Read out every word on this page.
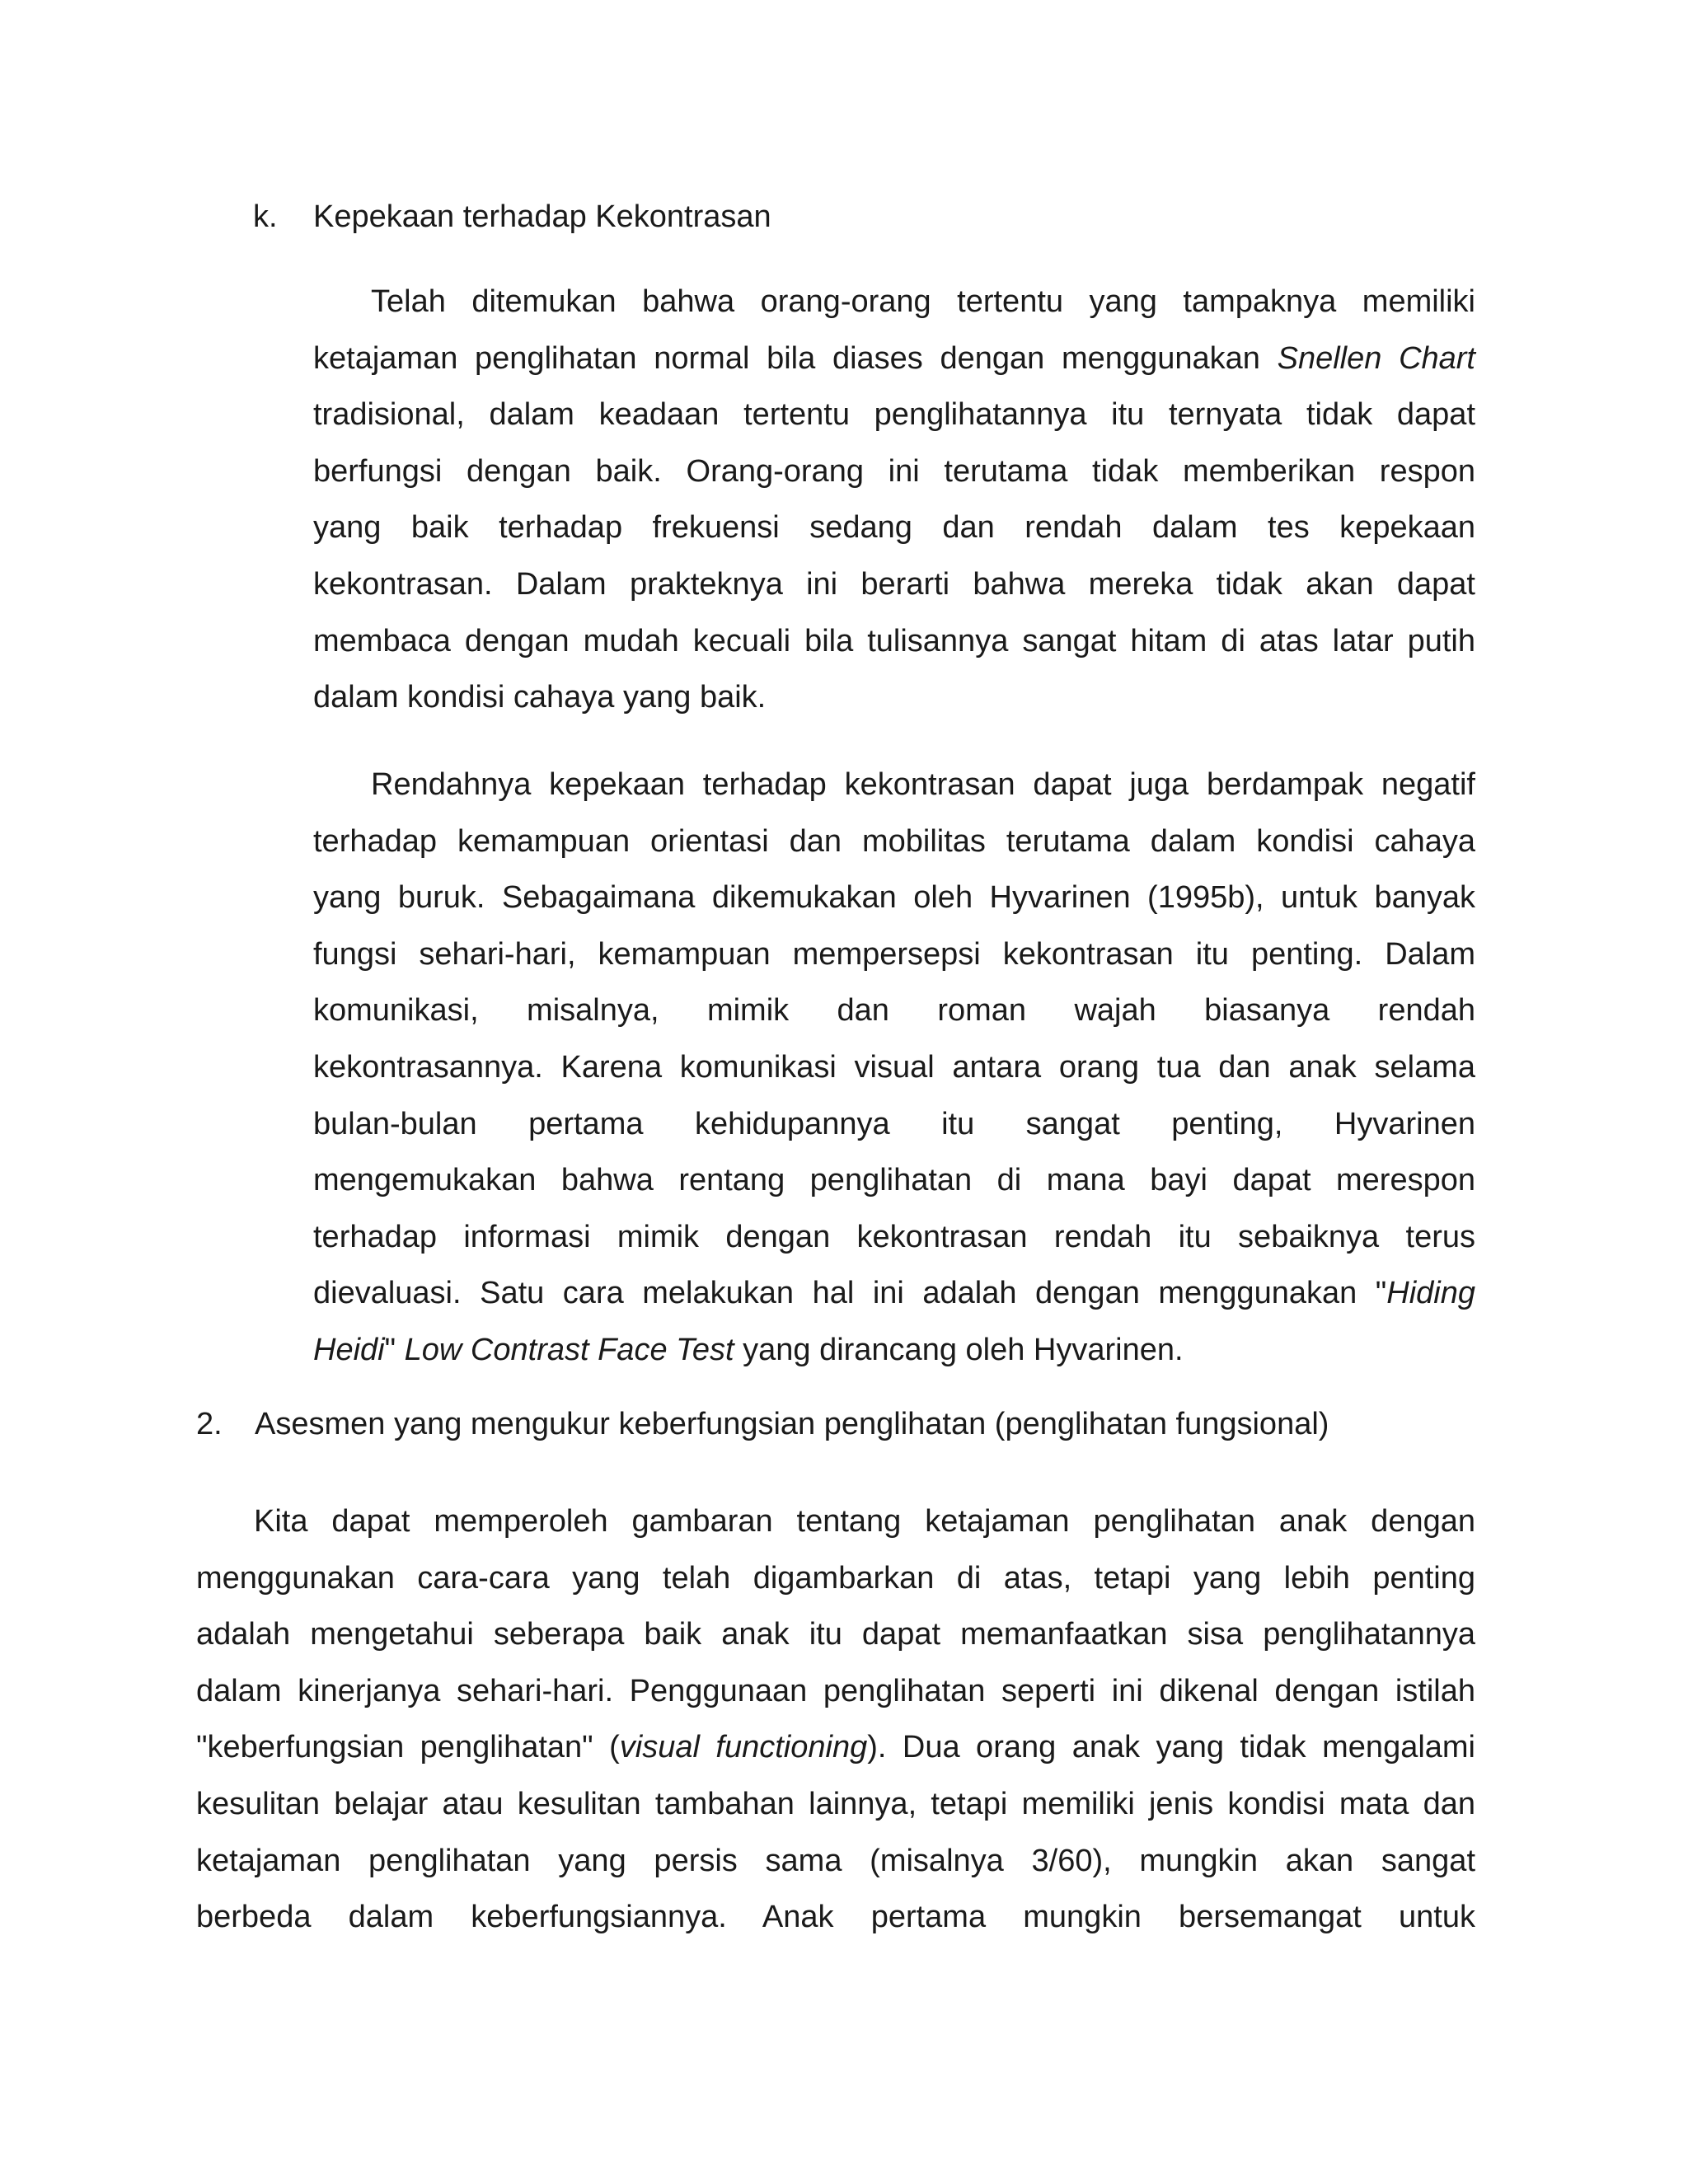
k. Kepekaan terhadap Kekontrasan
Telah ditemukan bahwa orang-orang tertentu yang tampaknya memiliki
ketajaman penglihatan normal bila diases dengan menggunakan Snellen Chart
tradisional, dalam keadaan tertentu penglihatannya itu ternyata tidak dapat
berfungsi dengan baik. Orang-orang ini terutama tidak memberikan respon
yang baik terhadap frekuensi sedang dan rendah dalam tes kepekaan
kekontrasan. Dalam prakteknya ini berarti bahwa mereka tidak akan dapat
membaca dengan mudah kecuali bila tulisannya sangat hitam di atas latar putih
dalam kondisi cahaya yang baik.
Rendahnya kepekaan terhadap kekontrasan dapat juga berdampak negatif
terhadap kemampuan orientasi dan mobilitas terutama dalam kondisi cahaya
yang buruk. Sebagaimana dikemukakan oleh Hyvarinen (1995b), untuk banyak
fungsi sehari-hari, kemampuan mempersepsi kekontrasan itu penting. Dalam
komunikasi, misalnya, mimik dan roman wajah biasanya rendah
kekontrasannya. Karena komunikasi visual antara orang tua dan anak selama
bulan-bulan pertama kehidupannya itu sangat penting, Hyvarinen
mengemukakan bahwa rentang penglihatan di mana bayi dapat merespon
terhadap informasi mimik dengan kekontrasan rendah itu sebaiknya terus
dievaluasi. Satu cara melakukan hal ini adalah dengan menggunakan "Hiding
Heidi" Low Contrast Face Test yang dirancang oleh Hyvarinen.
2. Asesmen yang mengukur keberfungsian penglihatan (penglihatan fungsional)
Kita dapat memperoleh gambaran tentang ketajaman penglihatan anak dengan
menggunakan cara-cara yang telah digambarkan di atas, tetapi yang lebih penting
adalah mengetahui seberapa baik anak itu dapat memanfaatkan sisa penglihatannya
dalam kinerjanya sehari-hari. Penggunaan penglihatan seperti ini dikenal dengan istilah
"keberfungsian penglihatan" (visual functioning). Dua orang anak yang tidak mengalami
kesulitan belajar atau kesulitan tambahan lainnya, tetapi memiliki jenis kondisi mata dan
ketajaman penglihatan yang persis sama (misalnya 3/60), mungkin akan sangat
berbeda dalam keberfungsiannya. Anak pertama mungkin bersemangat untuk
